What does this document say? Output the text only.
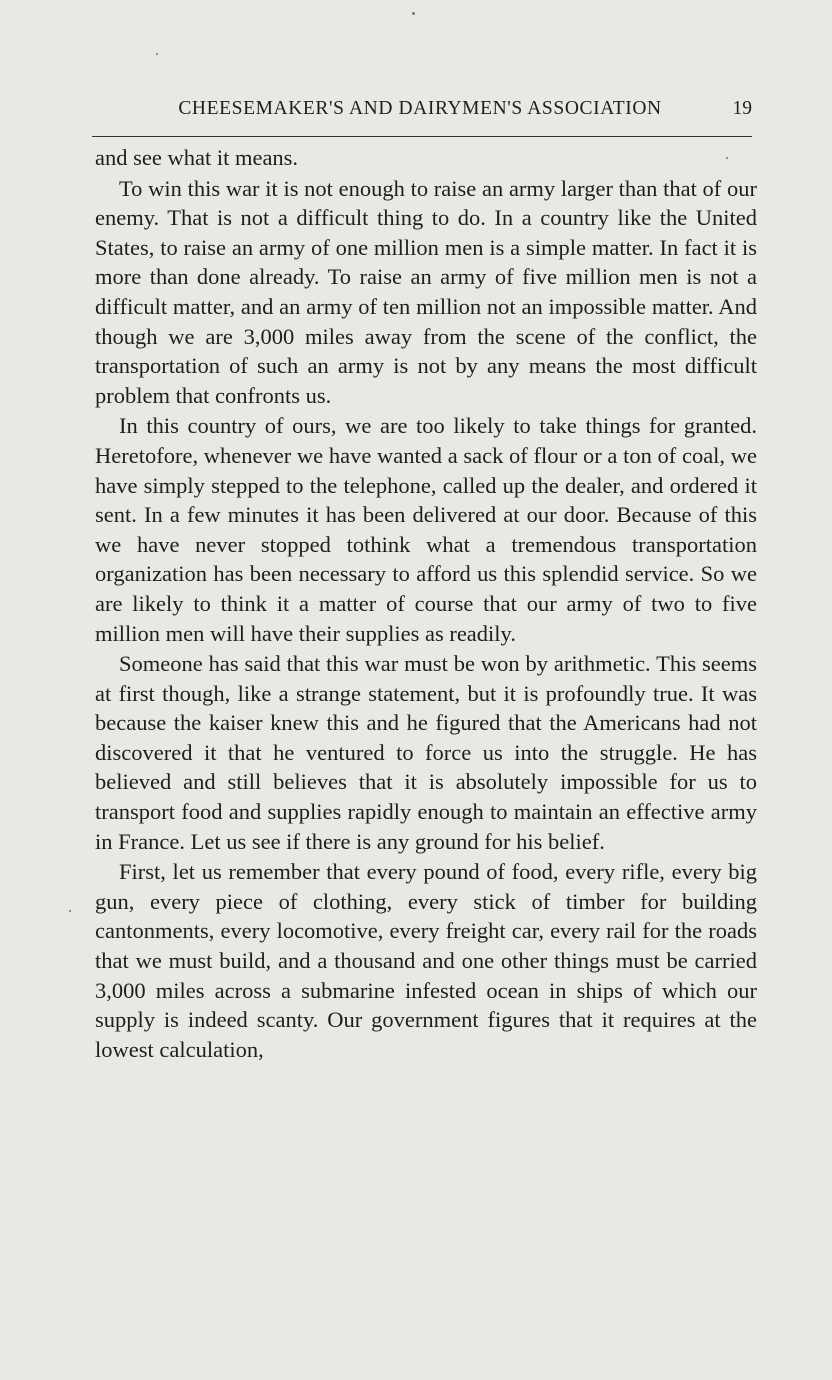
CHEESEMAKER'S AND DAIRYMEN'S ASSOCIATION	19

and see what it means.

To win this war it is not enough to raise an army larger than that of our enemy. That is not a difficult thing to do. In a country like the United States, to raise an army of one million men is a simple matter. In fact it is more than done already. To raise an army of five million men is not a difficult matter, and an army of ten million not an impossible matter. And though we are 3,000 miles away from the scene of the conflict, the transportation of such an army is not by any means the most difficult problem that confronts us.

In this country of ours, we are too likely to take things for granted. Heretofore, whenever we have wanted a sack of flour or a ton of coal, we have simply stepped to the telephone, called up the dealer, and ordered it sent. In a few minutes it has been delivered at our door. Because of this we have never stopped tothink what a tremendous transportation organization has been necessary to afford us this splendid service. So we are likely to think it a matter of course that our army of two to five million men will have their supplies as readily.

Someone has said that this war must be won by arithmetic. This seems at first though, like a strange statement, but it is profoundly true. It was because the kaiser knew this and he figured that the Americans had not discovered it that he ventured to force us into the struggle. He has believed and still believes that it is absolutely impossible for us to transport food and supplies rapidly enough to maintain an effective army in France. Let us see if there is any ground for his belief.

First, let us remember that every pound of food, every rifle, every big gun, every piece of clothing, every stick of timber for building cantonments, every locomotive, every freight car, every rail for the roads that we must build, and a thousand and one other things must be carried 3,000 miles across a submarine infested ocean in ships of which our supply is indeed scanty. Our government figures that it requires at the lowest calculation,
